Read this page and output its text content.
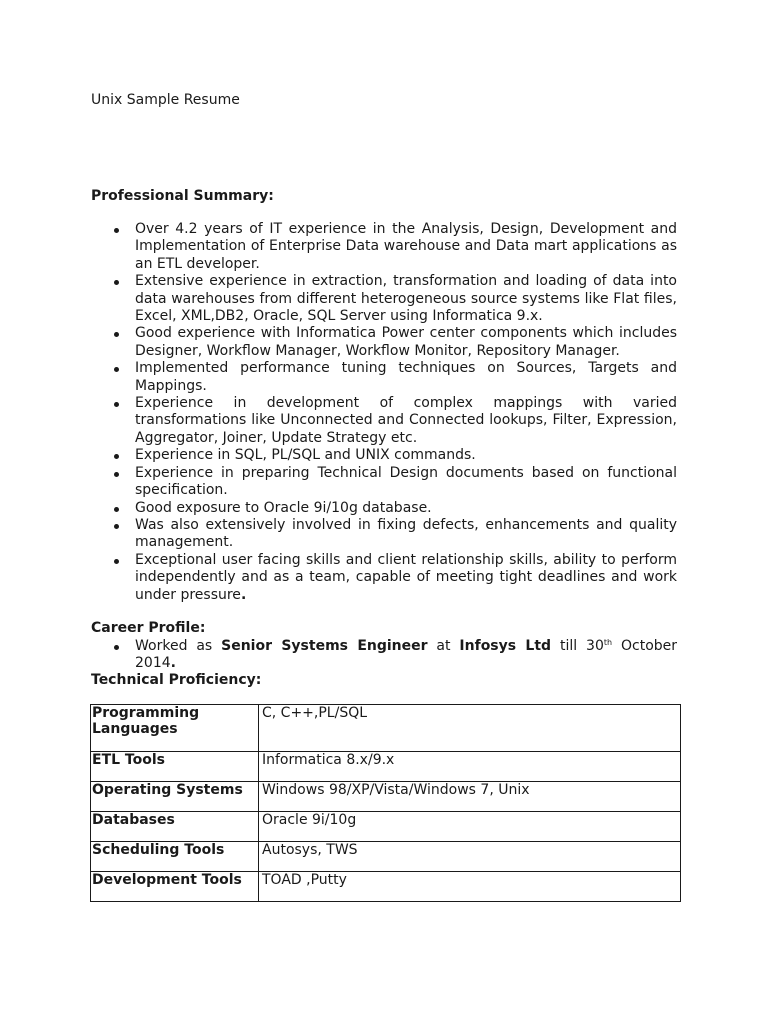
Unix Sample Resume
Professional Summary:
Over 4.2 years of IT experience in the Analysis, Design, Development and Implementation of Enterprise Data warehouse and Data mart applications as an ETL developer.
Extensive experience in extraction, transformation and loading of data into data warehouses from different heterogeneous source systems like Flat files, Excel, XML,DB2, Oracle, SQL Server using Informatica 9.x.
Good experience with Informatica Power center components which includes Designer, Workflow Manager, Workflow Monitor, Repository Manager.
Implemented performance tuning techniques on Sources, Targets and Mappings.
Experience in development of complex mappings with varied transformations like Unconnected and Connected lookups, Filter, Expression, Aggregator, Joiner, Update Strategy etc.
Experience in SQL, PL/SQL and UNIX commands.
Experience in preparing Technical Design documents based on functional specification.
Good exposure to Oracle 9i/10g database.
Was also extensively involved in fixing defects, enhancements and quality management.
Exceptional user facing skills and client relationship skills, ability to perform independently and as a team, capable of meeting tight deadlines and work under pressure.
Career Profile:
Worked as Senior Systems Engineer at Infosys Ltd till 30th October 2014.
Technical Proficiency:
Programming Languages	C, C++,PL/SQL
ETL Tools	Informatica 8.x/9.x
Operating Systems	Windows 98/XP/Vista/Windows 7, Unix
Databases	Oracle 9i/10g
Scheduling Tools	Autosys, TWS
Development Tools	TOAD ,Putty
